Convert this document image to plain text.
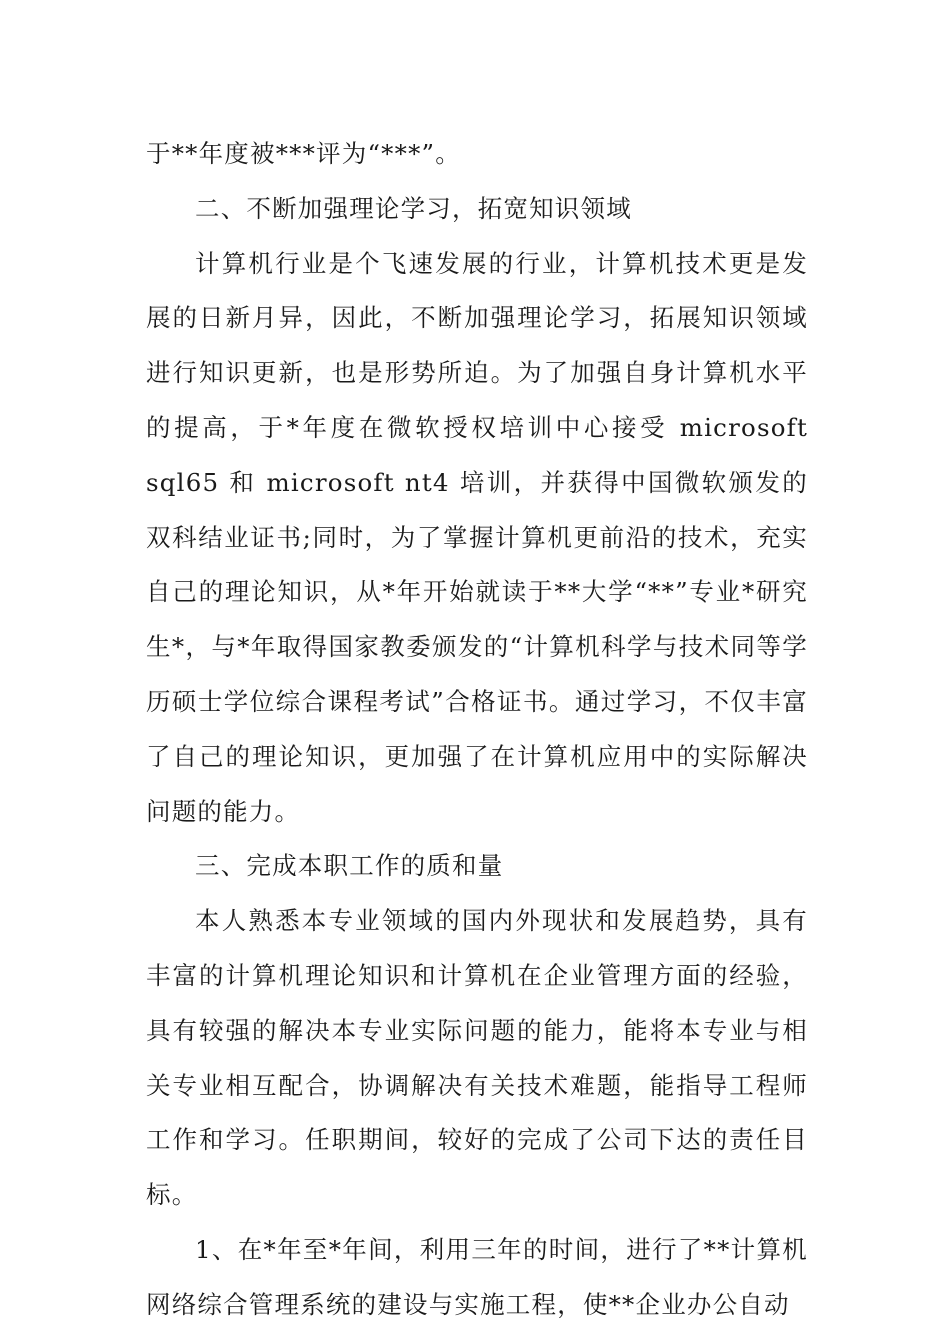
于**年度被***评为“***”。

二、不断加强理论学习，拓宽知识领域

计算机行业是个飞速发展的行业，计算机技术更是发展的日新月异，因此，不断加强理论学习，拓展知识领域进行知识更新，也是形势所迫。为了加强自身计算机水平的提高，于*年度在微软授权培训中心接受 microsoft sql65 和 microsoft nt4 培训，并获得中国微软颁发的双科结业证书;同时，为了掌握计算机更前沿的技术，充实自己的理论知识，从*年开始就读于**大学“**”专业*研究生*，与*年取得国家教委颁发的“计算机科学与技术同等学历硕士学位综合课程考试”合格证书。通过学习，不仅丰富了自己的理论知识，更加强了在计算机应用中的实际解决问题的能力。

三、完成本职工作的质和量

本人熟悉本专业领域的国内外现状和发展趋势，具有丰富的计算机理论知识和计算机在企业管理方面的经验，具有较强的解决本专业实际问题的能力，能将本专业与相关专业相互配合，协调解决有关技术难题，能指导工程师工作和学习。任职期间，较好的完成了公司下达的责任目标。

1、在*年至*年间，利用三年的时间，进行了**计算机网络综合管理系统的建设与实施工程，使**企业办公自动
